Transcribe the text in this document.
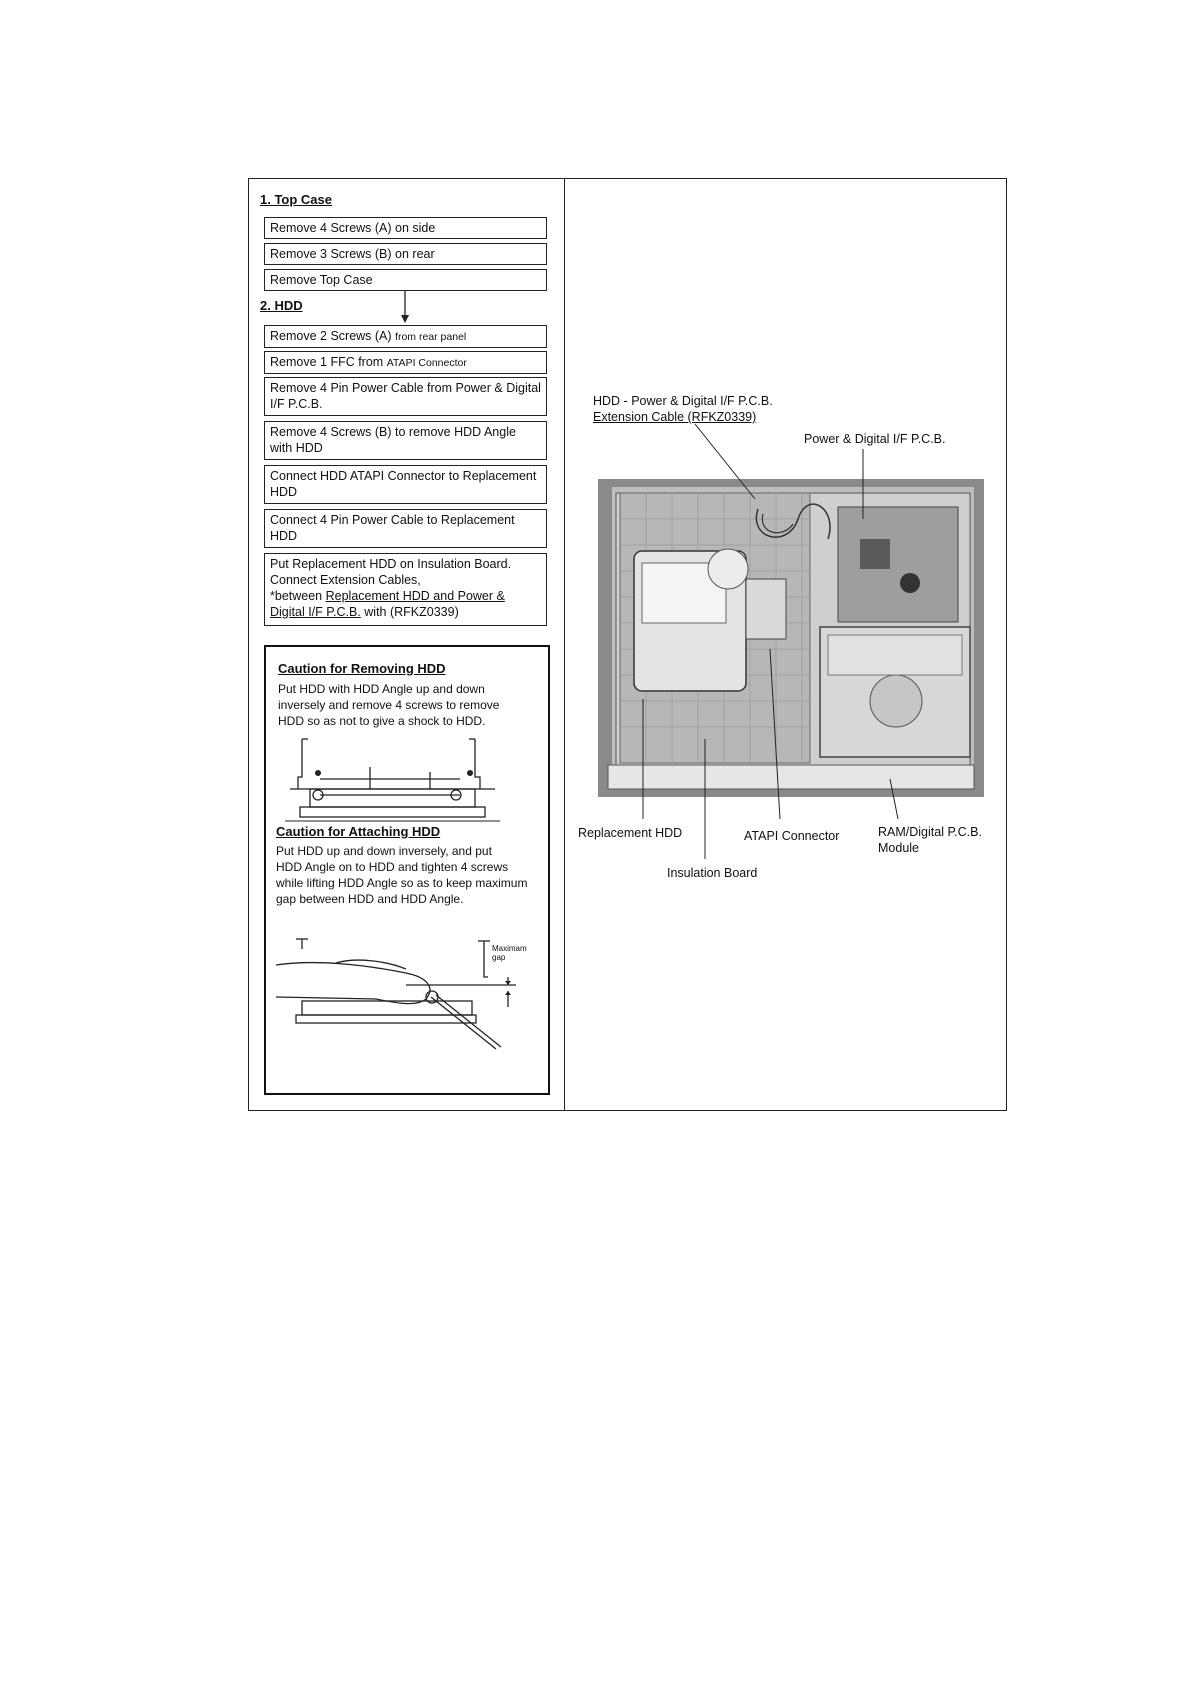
1. Top Case
Remove 4 Screws (A) on side
Remove 3 Screws (B) on rear
Remove Top Case
2. HDD
Remove 2 Screws (A) from rear panel
Remove 1 FFC from ATAPI Connector
Remove 4 Pin Power Cable from Power & Digital I/F P.C.B.
Remove 4 Screws (B) to remove HDD Angle with HDD
Connect HDD ATAPI Connector to Replacement HDD
Connect 4 Pin Power Cable to Replacement HDD
Put Replacement HDD on Insulation Board.
Connect Extension Cables,
*between Replacement HDD and Power &
Digital I/F P.C.B. with (RFKZ0339)
Caution for Removing HDD
Put HDD with HDD Angle up and down
inversely and remove 4 screws to remove
HDD so as not to give a shock to HDD.
Caution for Attaching HDD
Put HDD up and down inversely, and put
HDD Angle on to HDD and tighten 4 screws
while lifting HDD Angle so as to keep maximum
gap between HDD and HDD Angle.
Maximam
gap
HDD - Power & Digital I/F P.C.B.
Extension Cable (RFKZ0339)
Power & Digital I/F P.C.B.
Replacement HDD	ATAPI Connector	RAM/Digital P.C.B.
Module
Insulation Board
